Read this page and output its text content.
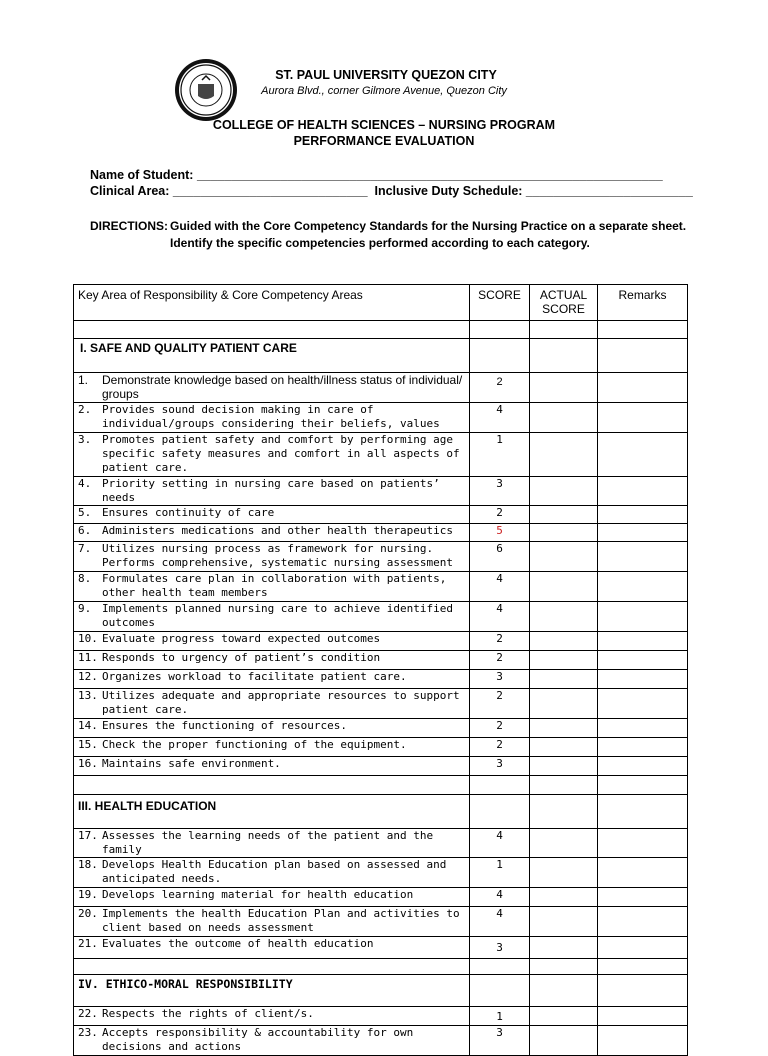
ST. PAUL UNIVERSITY QUEZON CITY
Aurora Blvd., corner Gilmore Avenue, Quezon City
COLLEGE OF HEALTH SCIENCES – NURSING PROGRAM
PERFORMANCE EVALUATION
Name of Student: ___________________________________________________________________
Clinical Area: ____________________________  Inclusive Duty Schedule: ________________________
DIRECTIONS: Guided with the Core Competency Standards for the Nursing Practice on a separate sheet.
Identify the specific competencies performed according to each category.
Key Area of Responsibility & Core Competency Areas	SCORE	ACTUAL SCORE	Remarks

I. SAFE AND QUALITY PATIENT CARE			

1. Demonstrate knowledge based on health/illness status of individual/ groups	2		

2. Provides sound decision making in care of individual/groups considering their beliefs, values	4		

3. Promotes patient safety and comfort by performing age specific safety measures and comfort in all aspects of patient care.	1		

4. Priority setting in nursing care based on patients’ needs	3		

5. Ensures continuity of care	2		

6. Administers medications and other health therapeutics	5		

7. Utilizes nursing process as framework for nursing. Performs comprehensive, systematic nursing assessment	6		

8. Formulates care plan in collaboration with patients, other health team members	4		

9. Implements planned nursing care to achieve identified outcomes	4		

10. Evaluate progress toward expected outcomes	2		

11. Responds to urgency of patient’s condition	2		

12. Organizes workload to facilitate patient care.	3		

13. Utilizes adequate and appropriate resources to support patient care.	2		

14. Ensures the functioning of resources.	2		

15. Check the proper functioning of the equipment.	2		

16. Maintains safe environment.	3		

III. HEALTH EDUCATION			

17. Assesses the learning needs of the patient and the family	4		

18. Develops Health Education plan based on assessed and anticipated needs.	1		

19. Develops learning material for health education	4		

20. Implements the health Education Plan and activities to client based on needs assessment	4		

21. Evaluates the outcome of health education	3		

IV. ETHICO-MORAL RESPONSIBILITY			

22. Respects the rights of client/s.	1		

23. Accepts responsibility & accountability for own decisions and actions	3		
